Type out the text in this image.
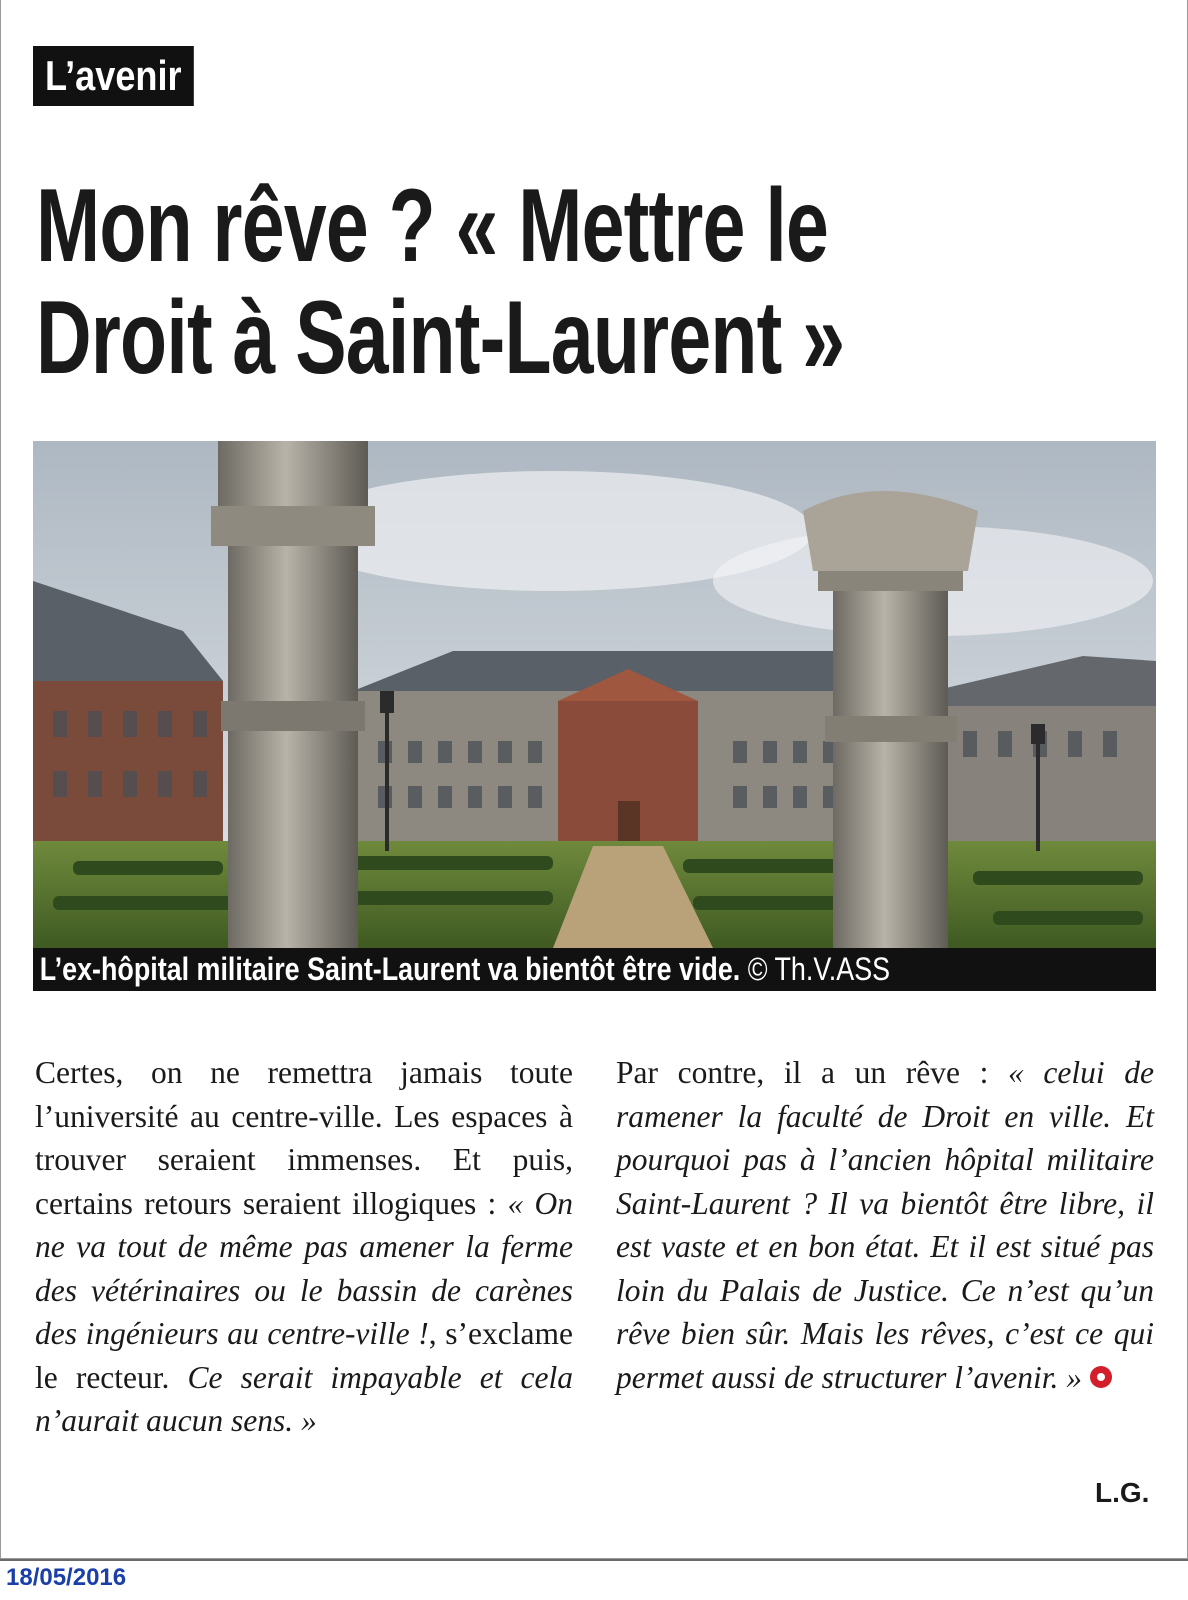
L’avenir
Mon rêve ? « Mettre le
Droit à Saint-Laurent »
L’ex-hôpital militaire Saint-Laurent va bientôt être vide. © Th.V.ASS

Certes, on ne remettra jamais toute l’université au centre-ville. Les espaces à trouver seraient immenses. Et puis, certains retours seraient illogiques : « On ne va tout de même pas amener la ferme des vétérinaires ou le bassin de carènes des ingénieurs au centre-ville !, s’exclame le recteur. Ce serait impayable et cela n’aurait aucun sens. »

Par contre, il a un rêve : « celui de ramener la faculté de Droit en ville. Et pourquoi pas à l’ancien hôpital militaire Saint-Laurent ? Il va bientôt être libre, il est vaste et en bon état. Et il est situé pas loin du Palais de Justice. Ce n’est qu’un rêve bien sûr. Mais les rêves, c’est ce qui permet aussi de structurer l’avenir. »

L.G.
18/05/2016
